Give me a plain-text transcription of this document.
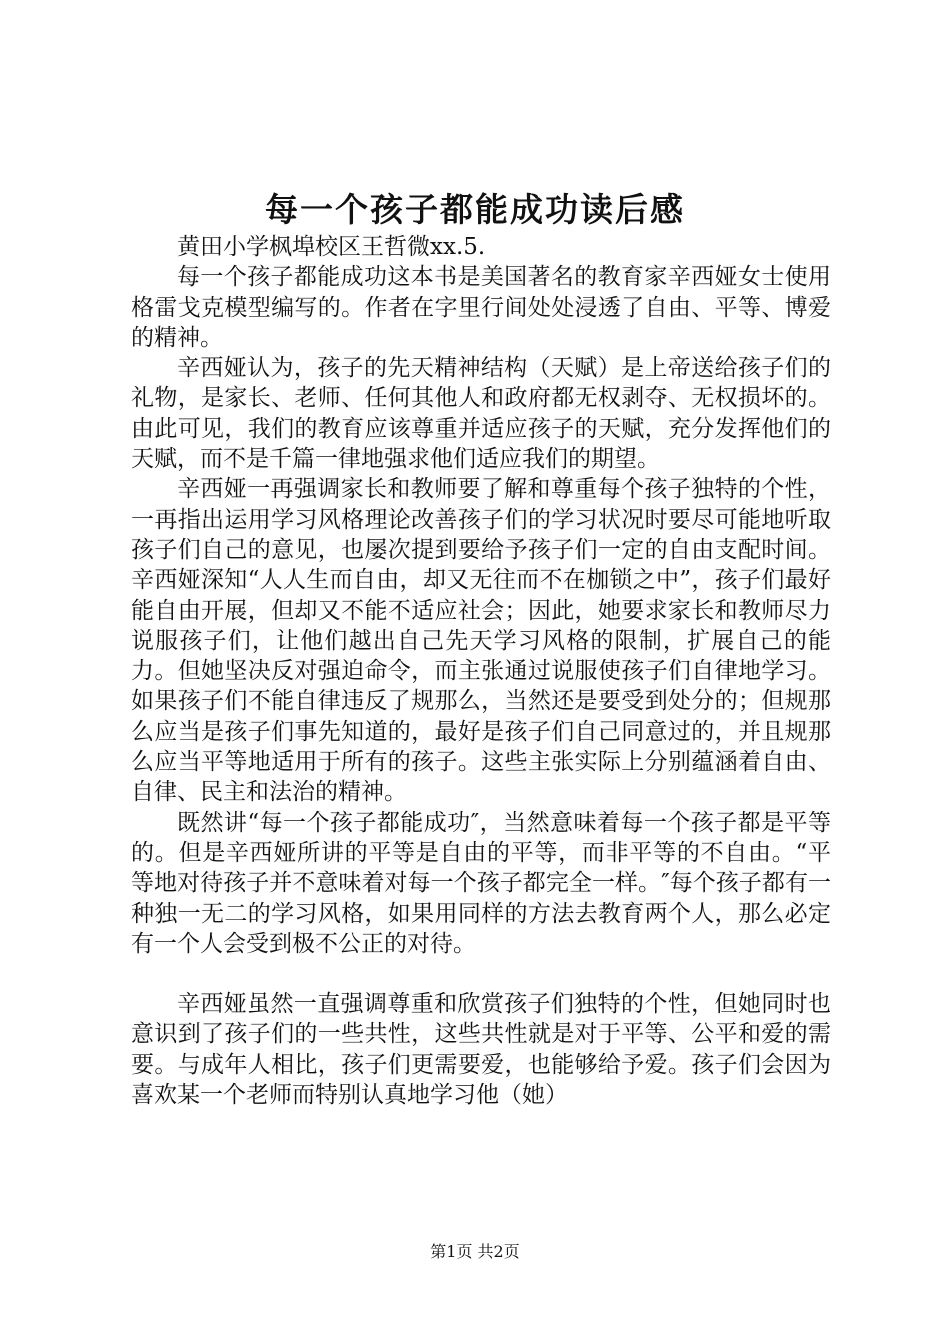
每一个孩子都能成功读后感

黄田小学枫埠校区王哲微xx.5.

每一个孩子都能成功这本书是美国著名的教育家辛西娅女士使用格雷戈克模型编写的。作者在字里行间处处浸透了自由、平等、博爱的精神。

辛西娅认为，孩子的先天精神结构（天赋）是上帝送给孩子们的礼物，是家长、老师、任何其他人和政府都无权剥夺、无权损坏的。由此可见，我们的教育应该尊重并适应孩子的天赋，充分发挥他们的天赋，而不是千篇一律地强求他们适应我们的期望。

辛西娅一再强调家长和教师要了解和尊重每个孩子独特的个性，一再指出运用学习风格理论改善孩子们的学习状况时要尽可能地听取孩子们自己的意见，也屡次提到要给予孩子们一定的自由支配时间。辛西娅深知“人人生而自由，却又无往而不在枷锁之中”，孩子们最好能自由开展，但却又不能不适应社会；因此，她要求家长和教师尽力说服孩子们，让他们越出自己先天学习风格的限制，扩展自己的能力。但她坚决反对强迫命令，而主张通过说服使孩子们自律地学习。如果孩子们不能自律违反了规那么，当然还是要受到处分的；但规那么应当是孩子们事先知道的，最好是孩子们自己同意过的，并且规那么应当平等地适用于所有的孩子。这些主张实际上分别蕴涵着自由、自律、民主和法治的精神。

既然讲“每一个孩子都能成功″，当然意味着每一个孩子都是平等的。但是辛西娅所讲的平等是自由的平等，而非平等的不自由。“平等地对待孩子并不意味着对每一个孩子都完全一样。″每个孩子都有一种独一无二的学习风格，如果用同样的方法去教育两个人，那么必定有一个人会受到极不公正的对待。

辛西娅虽然一直强调尊重和欣赏孩子们独特的个性，但她同时也意识到了孩子们的一些共性，这些共性就是对于平等、公平和爱的需要。与成年人相比，孩子们更需要爱，也能够给予爱。孩子们会因为喜欢某一个老师而特别认真地学习他（她）

第1页 共2页
